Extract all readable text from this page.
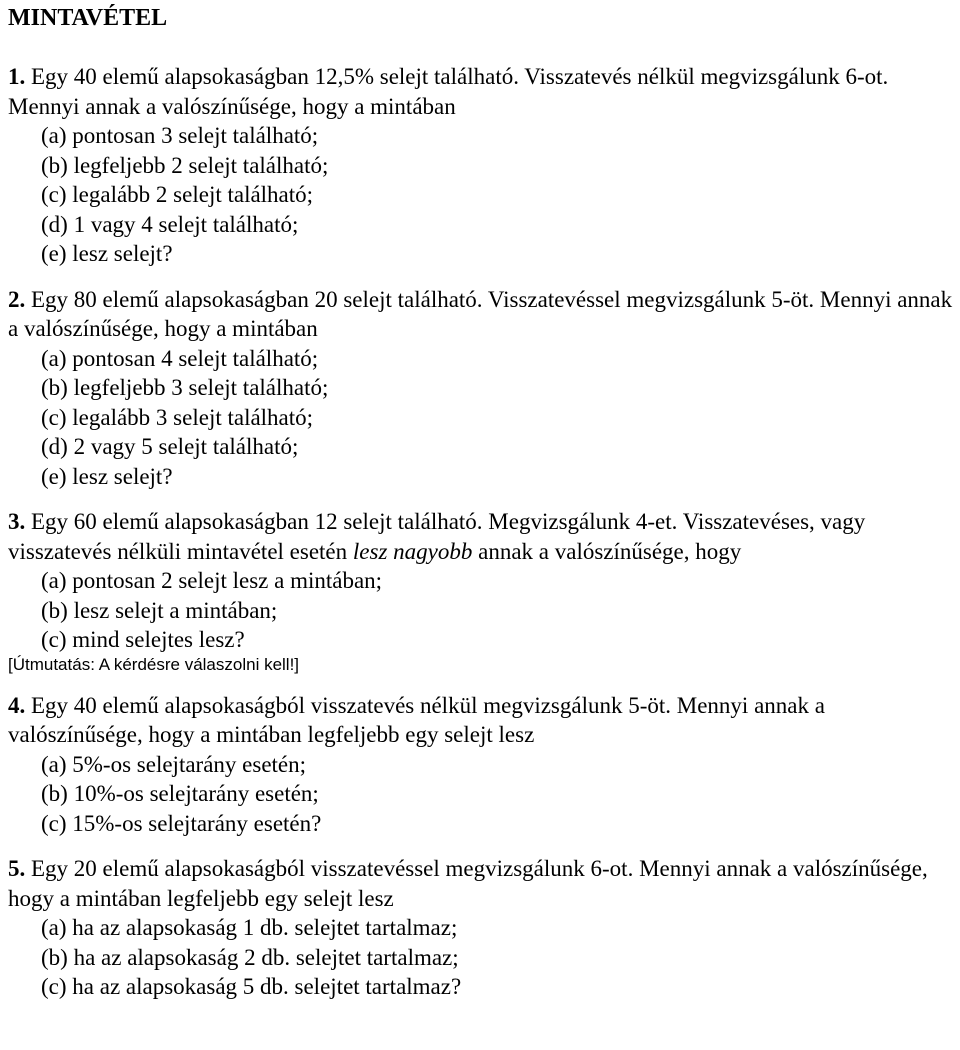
MINTAVÉTEL
1. Egy 40 elemű alapsokaságban 12,5% selejt található. Visszatevés nélkül megvizsgálunk 6-ot. Mennyi annak a valószínűsége, hogy a mintában
(a) pontosan 3 selejt található;
(b) legfeljebb 2 selejt található;
(c) legalább 2 selejt található;
(d) 1 vagy 4 selejt található;
(e) lesz selejt?
2. Egy 80 elemű alapsokaságban 20 selejt található. Visszatevéssel megvizsgálunk 5-öt. Mennyi annak a valószínűsége, hogy a mintában
(a) pontosan 4 selejt található;
(b) legfeljebb 3 selejt található;
(c) legalább 3 selejt található;
(d) 2 vagy 5 selejt található;
(e) lesz selejt?
3. Egy 60 elemű alapsokaságban 12 selejt található. Megvizsgálunk 4-et. Visszatevéses, vagy visszatevés nélküli mintavétel esetén lesz nagyobb annak a valószínűsége, hogy
(a) pontosan 2 selejt lesz a mintában;
(b) lesz selejt a mintában;
(c) mind selejtes lesz?
[Útmutatás: A kérdésre válaszolni kell!]
4. Egy 40 elemű alapsokaságból visszatevés nélkül megvizsgálunk 5-öt. Mennyi annak a valószínűsége, hogy a mintában legfeljebb egy selejt lesz
(a) 5%-os selejtarány esetén;
(b) 10%-os selejtarány esetén;
(c) 15%-os selejtarány esetén?
5. Egy 20 elemű alapsokaságból visszatevéssel megvizsgálunk 6-ot. Mennyi annak a valószínűsége, hogy a mintában legfeljebb egy selejt lesz
(a) ha az alapsokaság 1 db. selejtet tartalmaz;
(b) ha az alapsokaság 2 db. selejtet tartalmaz;
(c) ha az alapsokaság 5 db. selejtet tartalmaz?
